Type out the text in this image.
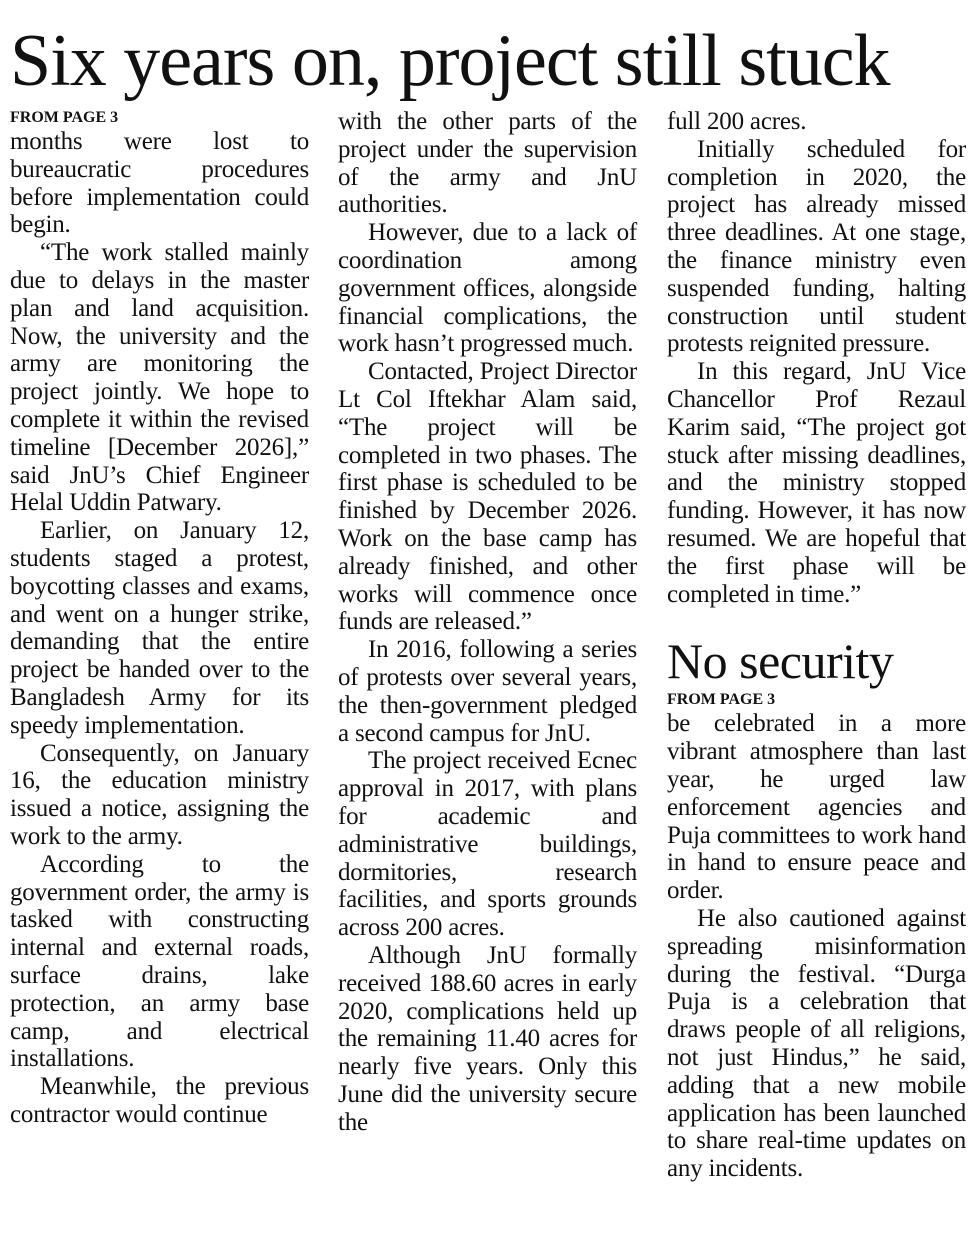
Six years on, project still stuck
FROM PAGE 3

months were lost to bureaucratic procedures before implementation could begin.

“The work stalled mainly due to delays in the master plan and land acquisition. Now, the university and the army are monitoring the project jointly. We hope to complete it within the revised timeline [December 2026],” said JnU’s Chief Engineer Helal Uddin Patwary.

Earlier, on January 12, students staged a protest, boycotting classes and exams, and went on a hunger strike, demanding that the entire project be handed over to the Bangladesh Army for its speedy implementation.

Consequently, on January 16, the education ministry issued a notice, assigning the work to the army.

According to the government order, the army is tasked with constructing internal and external roads, surface drains, lake protection, an army base camp, and electrical installations.

Meanwhile, the previous contractor would continue

with the other parts of the project under the supervision of the army and JnU authorities.

However, due to a lack of coordination among government offices, alongside financial complications, the work hasn’t progressed much.

Contacted, Project Director Lt Col Iftekhar Alam said, “The project will be completed in two phases. The first phase is scheduled to be finished by December 2026. Work on the base camp has already finished, and other works will commence once funds are released.”

In 2016, following a series of protests over several years, the then-government pledged a second campus for JnU.

The project received Ecnec approval in 2017, with plans for academic and administrative buildings, dormitories, research facilities, and sports grounds across 200 acres.

Although JnU formally received 188.60 acres in early 2020, complications held up the remaining 11.40 acres for nearly five years. Only this June did the university secure the

full 200 acres.

Initially scheduled for completion in 2020, the project has already missed three deadlines. At one stage, the finance ministry even suspended funding, halting construction until student protests reignited pressure.

In this regard, JnU Vice Chancellor Prof Rezaul Karim said, “The project got stuck after missing deadlines, and the ministry stopped funding. However, it has now resumed. We are hopeful that the first phase will be completed in time.”

No security
FROM PAGE 3

be celebrated in a more vibrant atmosphere than last year, he urged law enforcement agencies and Puja committees to work hand in hand to ensure peace and order.

He also cautioned against spreading misinformation during the festival. “Durga Puja is a celebration that draws people of all religions, not just Hindus,” he said, adding that a new mobile application has been launched to share real-time updates on any incidents.
